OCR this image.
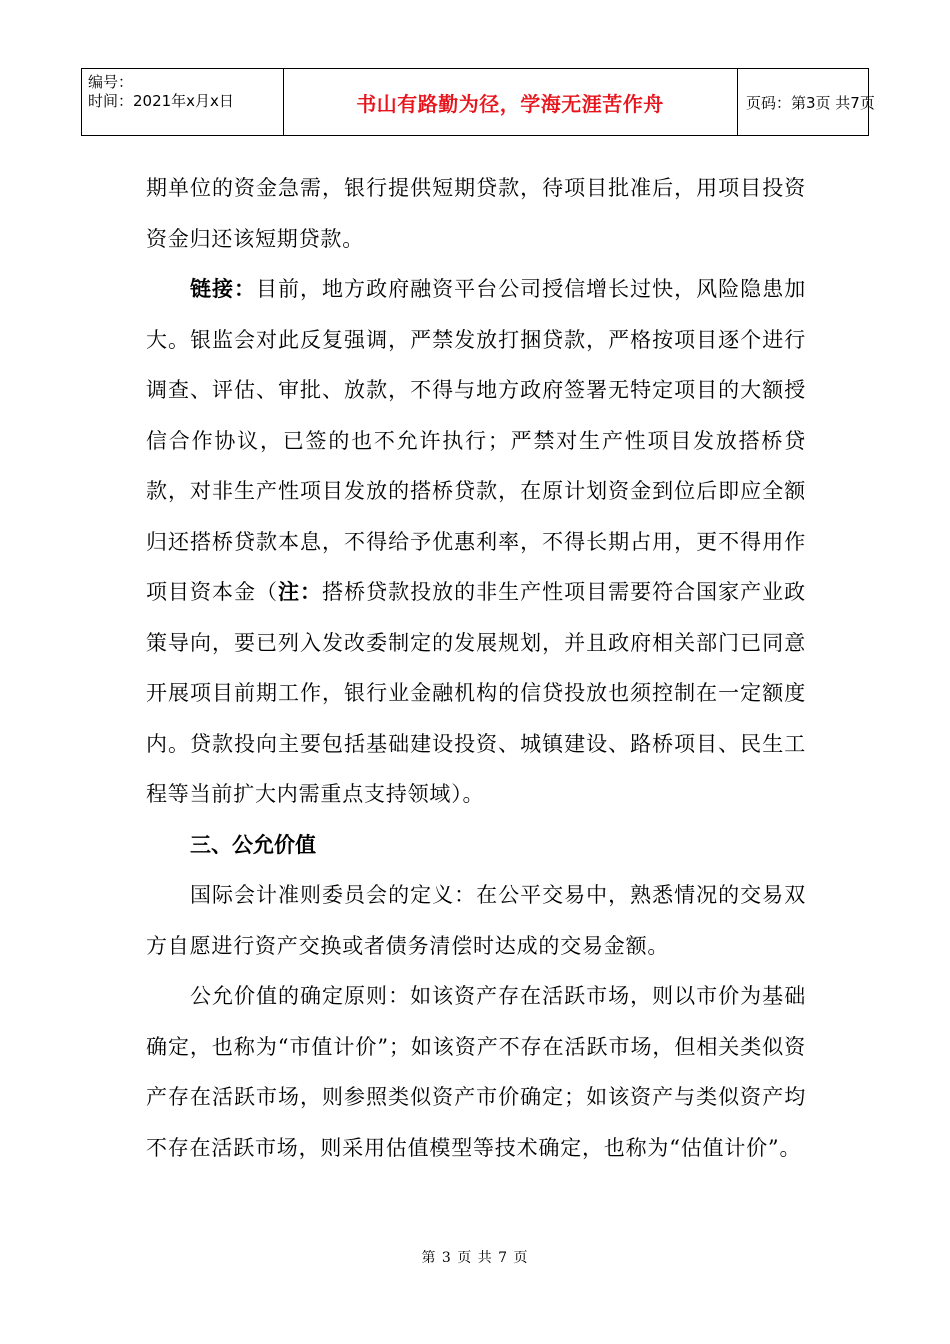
编号：
时间：2021年x月x日	书山有路勤为径，学海无涯苦作舟	页码：第3页 共7页

期单位的资金急需，银行提供短期贷款，待项目批准后，用项目投资资金归还该短期贷款。

链接：目前，地方政府融资平台公司授信增长过快，风险隐患加大。银监会对此反复强调，严禁发放打捆贷款，严格按项目逐个进行调查、评估、审批、放款，不得与地方政府签署无特定项目的大额授信合作协议，已签的也不允许执行；严禁对生产性项目发放搭桥贷款，对非生产性项目发放的搭桥贷款，在原计划资金到位后即应全额归还搭桥贷款本息，不得给予优惠利率，不得长期占用，更不得用作项目资本金（注：搭桥贷款投放的非生产性项目需要符合国家产业政策导向，要已列入发改委制定的发展规划，并且政府相关部门已同意开展项目前期工作，银行业金融机构的信贷投放也须控制在一定额度内。贷款投向主要包括基础建设投资、城镇建设、路桥项目、民生工程等当前扩大内需重点支持领域）。

三、公允价值

国际会计准则委员会的定义：在公平交易中，熟悉情况的交易双方自愿进行资产交换或者债务清偿时达成的交易金额。

公允价值的确定原则：如该资产存在活跃市场，则以市价为基础确定，也称为“市值计价”；如该资产不存在活跃市场，但相关类似资产存在活跃市场，则参照类似资产市价确定；如该资产与类似资产均不存在活跃市场，则采用估值模型等技术确定，也称为“估值计价”。

第 3 页 共 7 页
